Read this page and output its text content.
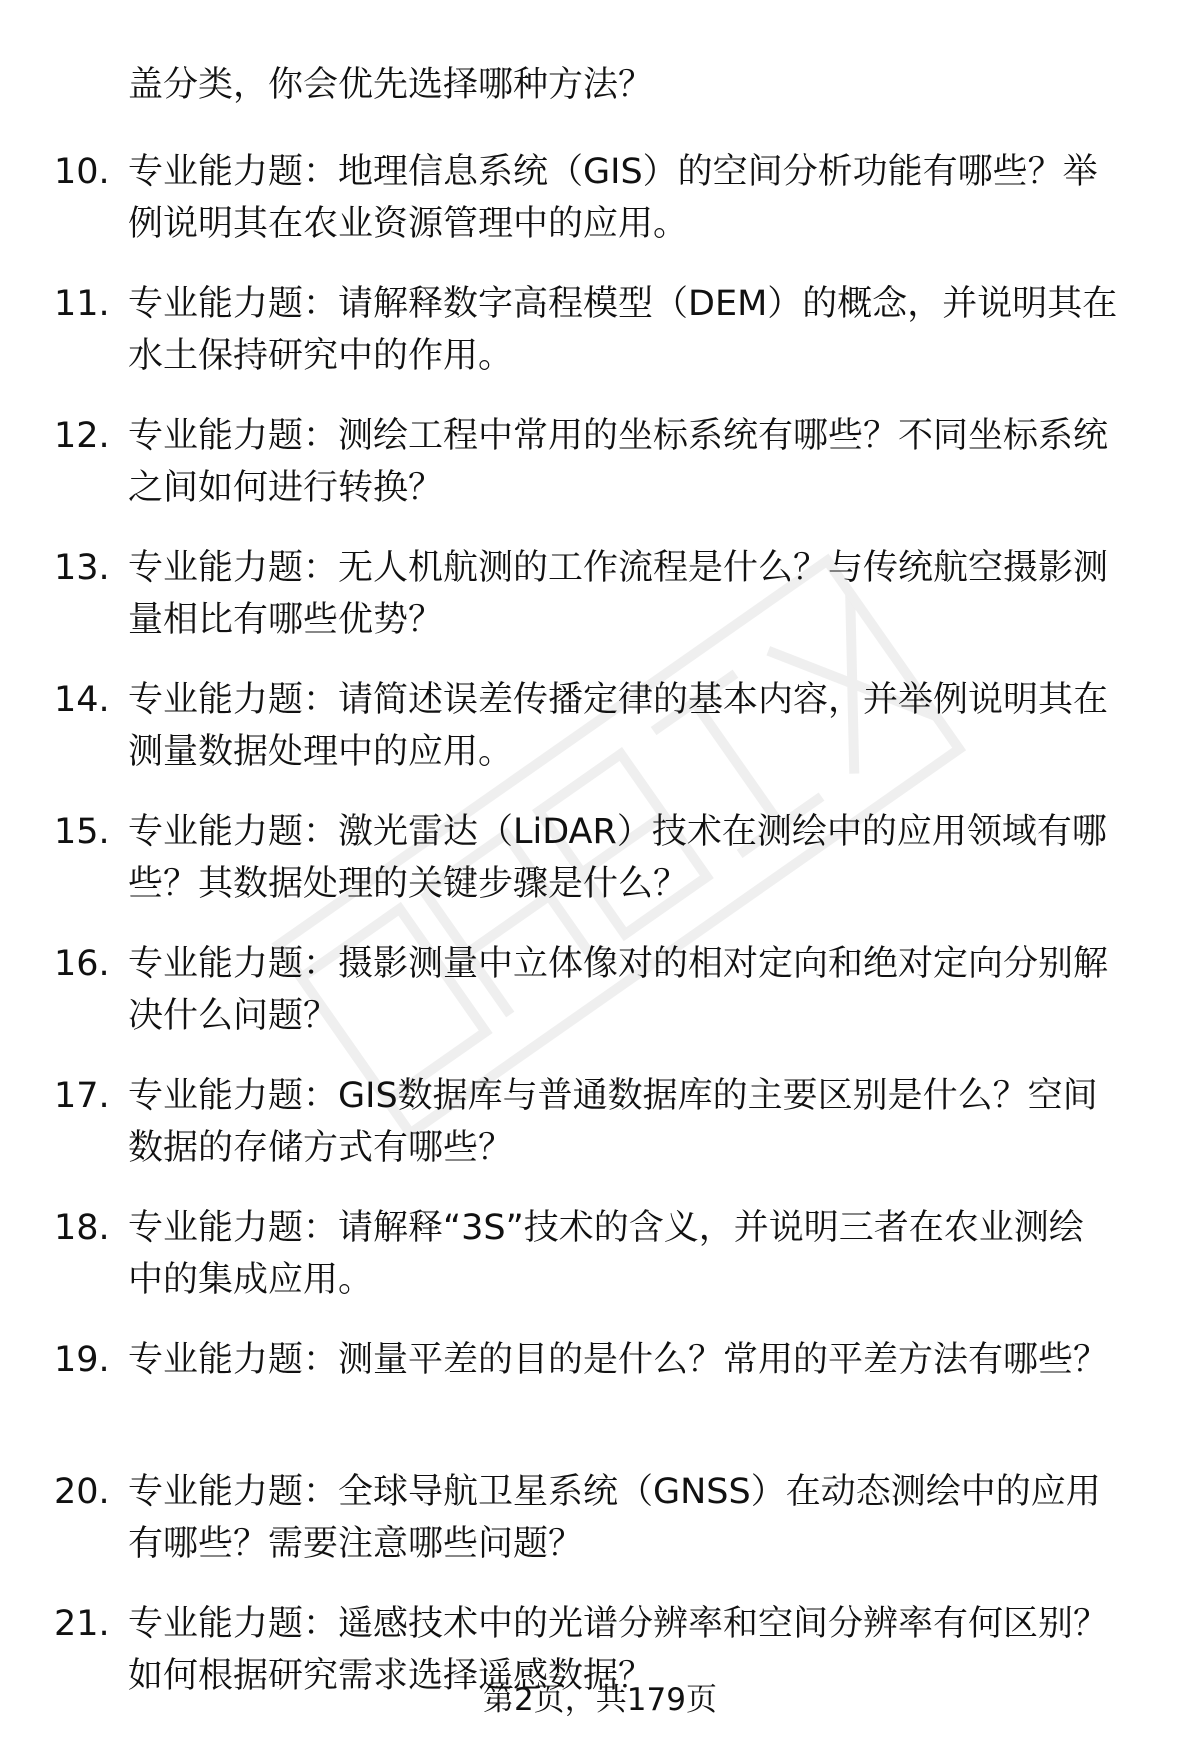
盖分类，你会优先选择哪种方法？
10. 专业能力题：地理信息系统（GIS）的空间分析功能有哪些？举
例说明其在农业资源管理中的应用。
11. 专业能力题：请解释数字高程模型（DEM）的概念，并说明其在
水土保持研究中的作用。
12. 专业能力题：测绘工程中常用的坐标系统有哪些？不同坐标系统
之间如何进行转换？
13. 专业能力题：无人机航测的工作流程是什么？与传统航空摄影测
量相比有哪些优势？
14. 专业能力题：请简述误差传播定律的基本内容，并举例说明其在
测量数据处理中的应用。
15. 专业能力题：激光雷达（LiDAR）技术在测绘中的应用领域有哪
些？其数据处理的关键步骤是什么？
16. 专业能力题：摄影测量中立体像对的相对定向和绝对定向分别解
决什么问题？
17. 专业能力题：GIS数据库与普通数据库的主要区别是什么？空间
数据的存储方式有哪些？
18. 专业能力题：请解释“3S”技术的含义，并说明三者在农业测绘
中的集成应用。
19. 专业能力题：测量平差的目的是什么？常用的平差方法有哪些？
20. 专业能力题：全球导航卫星系统（GNSS）在动态测绘中的应用
有哪些？需要注意哪些问题？
21. 专业能力题：遥感技术中的光谱分辨率和空间分辨率有何区别？
如何根据研究需求选择遥感数据？
第2页，共179页
